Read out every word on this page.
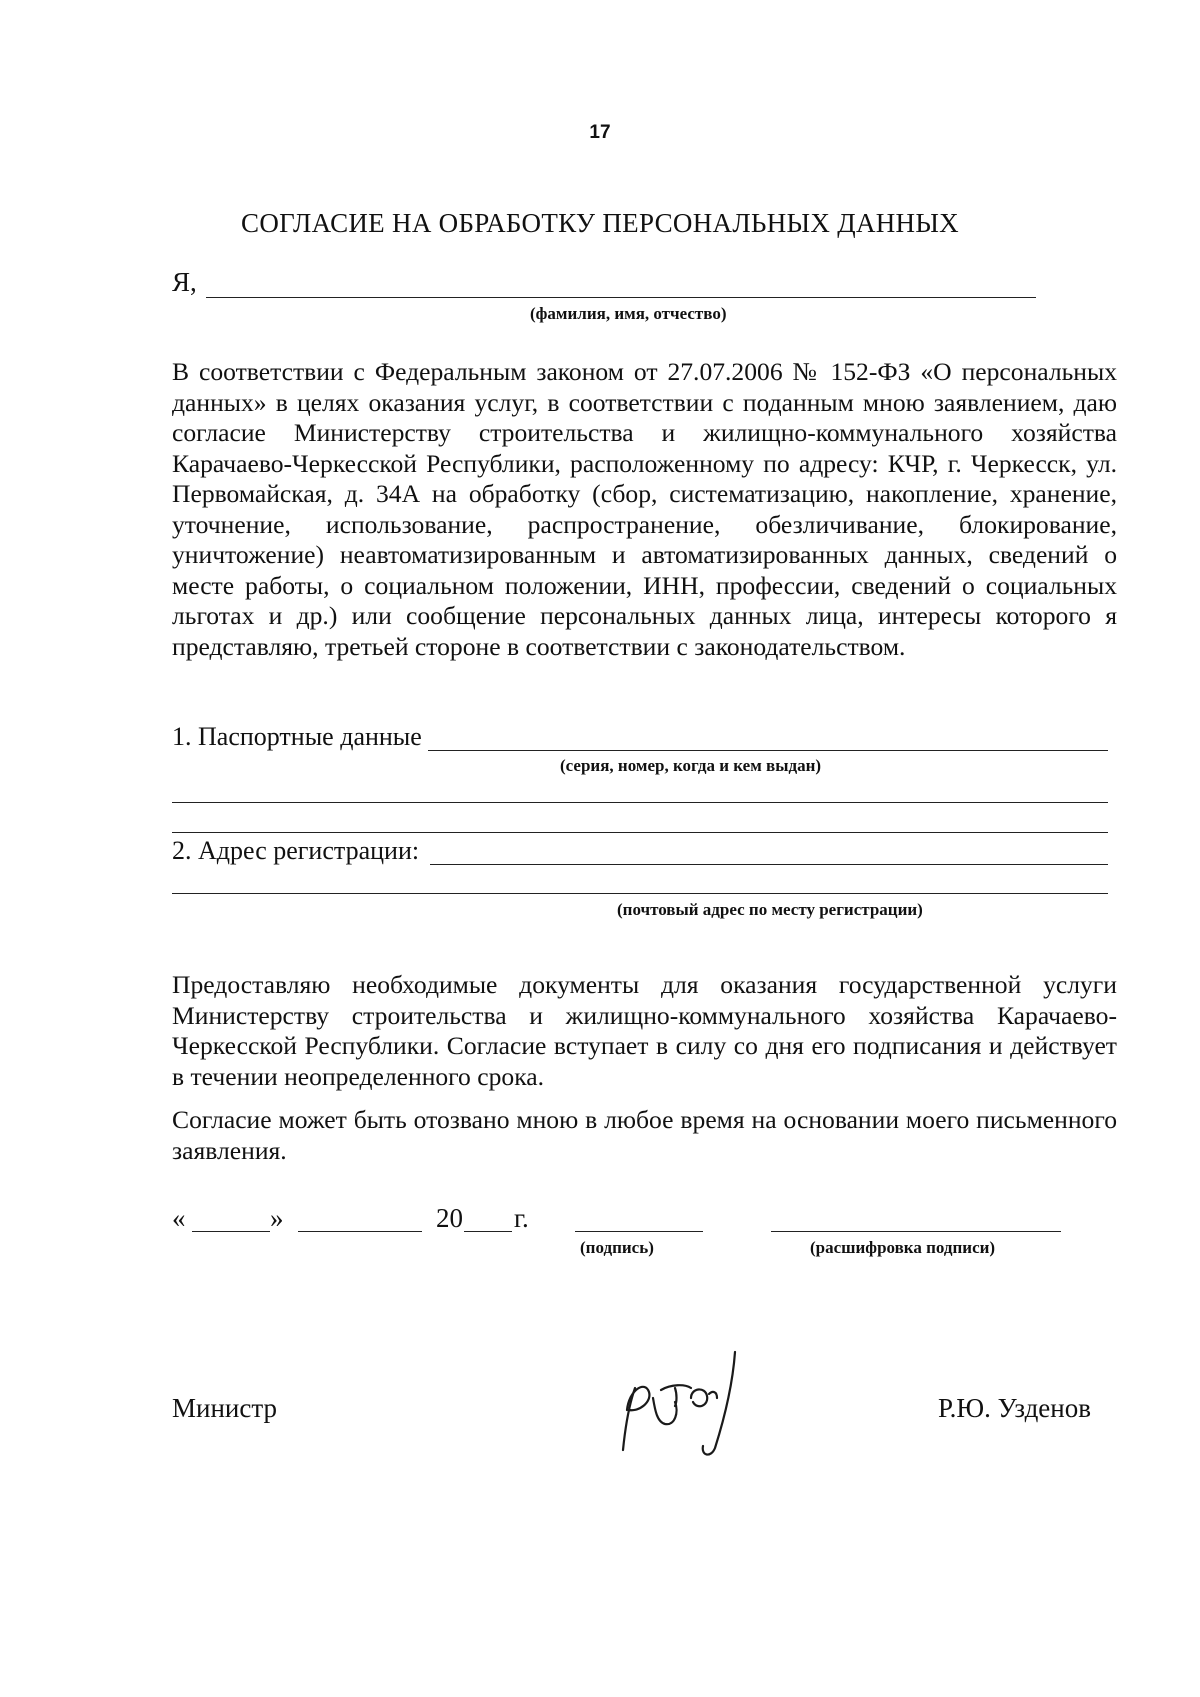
17
СОГЛАСИЕ НА ОБРАБОТКУ ПЕРСОНАЛЬНЫХ ДАННЫХ
Я,
(фамилия, имя, отчество)

В соответствии с Федеральным законом от 27.07.2006 № 152-ФЗ «О персональных данных» в целях оказания услуг, в соответствии с поданным мною заявлением, даю согласие Министерству строительства и жилищно-коммунального хозяйства Карачаево-Черкесской Республики, расположенному по адресу: КЧР, г. Черкесск, ул. Первомайская, д. 34А на обработку (сбор, систематизацию, накопление, хранение, уточнение, использование, распространение, обезличивание, блокирование, уничтожение) неавтоматизированным и автоматизированных данных, сведений о месте работы, о социальном положении, ИНН, профессии, сведений о социальных льготах и др.) или сообщение персональных данных лица, интересы которого я представляю, третьей стороне в соответствии с законодательством.

1. Паспортные данные
(серия, номер, когда и кем выдан)
2. Адрес регистрации:
(почтовый адрес по месту регистрации)

Предоставляю необходимые документы для оказания государственной услуги Министерству строительства и жилищно-коммунального хозяйства Карачаево-Черкесской Республики. Согласие вступает в силу со дня его подписания и действует в течении неопределенного срока.

Согласие может быть отозвано мною в любое время на основании моего письменного заявления.

«	»	20 г.
(подпись)	(расшифровка подписи)
Министр	Р.Ю. Узденов
